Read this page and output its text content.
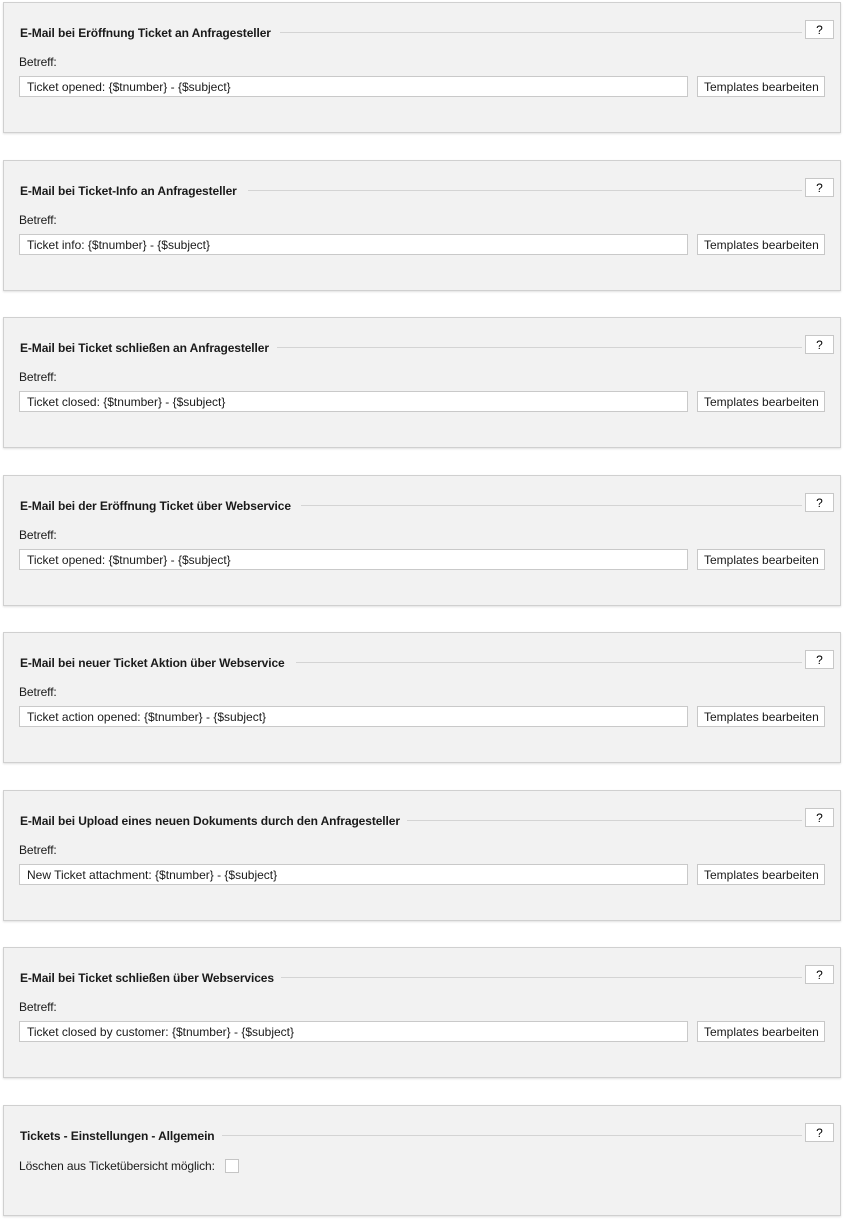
E-Mail bei Eröffnung Ticket an Anfragesteller	?
Betreff:
Ticket opened: {$tnumber} - {$subject}
Templates bearbeiten
E-Mail bei Ticket-Info an Anfragesteller	?
Betreff:
Ticket info: {$tnumber} - {$subject}
Templates bearbeiten
E-Mail bei Ticket schließen an Anfragesteller	?
Betreff:
Ticket closed: {$tnumber} - {$subject}
Templates bearbeiten
E-Mail bei der Eröffnung Ticket über Webservice	?
Betreff:
Ticket opened: {$tnumber} - {$subject}
Templates bearbeiten
E-Mail bei neuer Ticket Aktion über Webservice	?
Betreff:
Ticket action opened: {$tnumber} - {$subject}
Templates bearbeiten
E-Mail bei Upload eines neuen Dokuments durch den Anfragesteller	?
Betreff:
New Ticket attachment: {$tnumber} - {$subject}
Templates bearbeiten
E-Mail bei Ticket schließen über Webservices	?
Betreff:
Ticket closed by customer: {$tnumber} - {$subject}
Templates bearbeiten
Tickets - Einstellungen - Allgemein	?
Löschen aus Ticketübersicht möglich:
